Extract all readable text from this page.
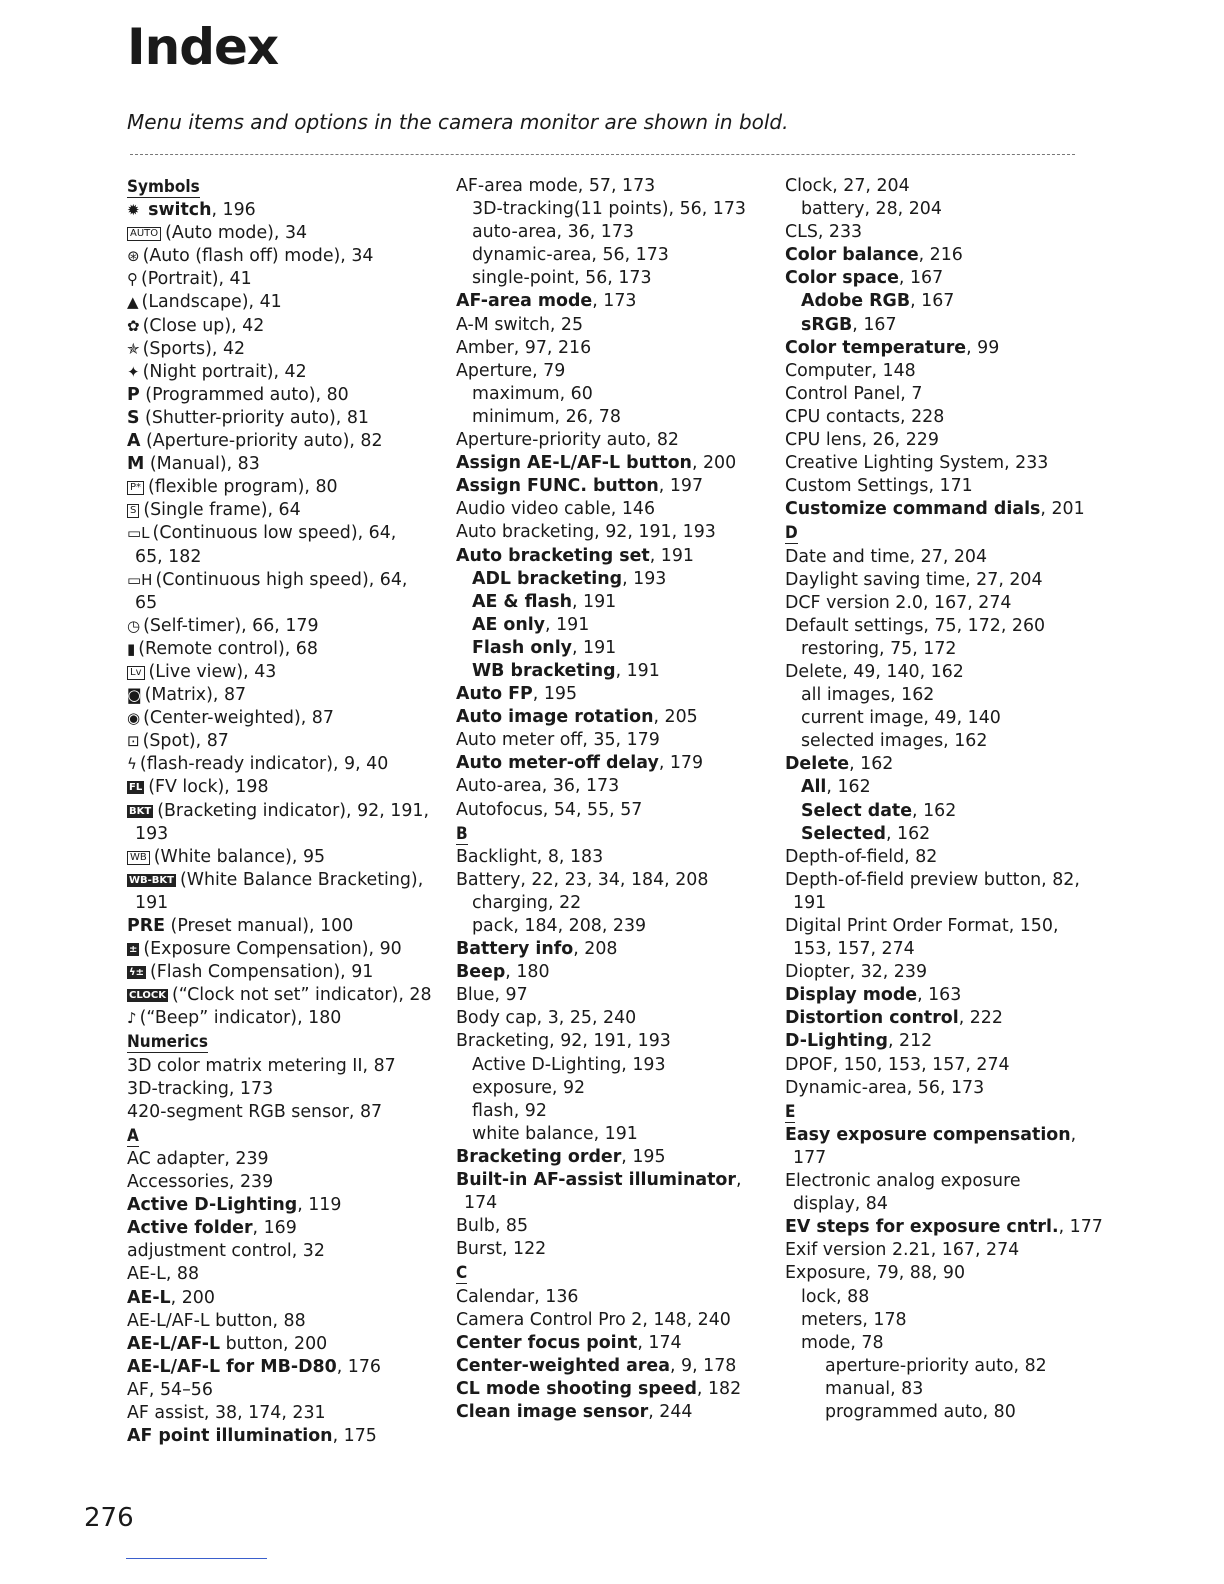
Index

Menu items and options in the camera monitor are shown in bold.

Symbols
✹ switch, 196
AUTO (Auto mode), 34
⊛ (Auto (flash off) mode), 34
⚲ (Portrait), 41
▲ (Landscape), 41
✿ (Close up), 42
✯ (Sports), 42
✦ (Night portrait), 42
P (Programmed auto), 80
S (Shutter-priority auto), 81
A (Aperture-priority auto), 82
M (Manual), 83
P* (flexible program), 80
S (Single frame), 64
▭L (Continuous low speed), 64,
65, 182
▭H (Continuous high speed), 64,
65
◷ (Self-timer), 66, 179
▮ (Remote control), 68
Lv (Live view), 43
◙ (Matrix), 87
◉ (Center-weighted), 87
⊡ (Spot), 87
ϟ (flash-ready indicator), 9, 40
FL (FV lock), 198
BKT (Bracketing indicator), 92, 191,
193
WB (White balance), 95
WB-BKT (White Balance Bracketing),
191
PRE (Preset manual), 100
± (Exposure Compensation), 90
ϟ± (Flash Compensation), 91
CLOCK (“Clock not set” indicator), 28
♪ (“Beep” indicator), 180
Numerics
3D color matrix metering II, 87
3D-tracking, 173
420-segment RGB sensor, 87
A
AC adapter, 239
Accessories, 239
Active D-Lighting, 119
Active folder, 169
adjustment control, 32
AE-L, 88
AE-L, 200
AE-L/AF-L button, 88
AE-L/AF-L button, 200
AE-L/AF-L for MB-D80, 176
AF, 54–56
AF assist, 38, 174, 231
AF point illumination, 175
AF-area mode, 57, 173
3D-tracking(11 points), 56, 173
auto-area, 36, 173
dynamic-area, 56, 173
single-point, 56, 173
AF-area mode, 173
A-M switch, 25
Amber, 97, 216
Aperture, 79
maximum, 60
minimum, 26, 78
Aperture-priority auto, 82
Assign AE-L/AF-L button, 200
Assign FUNC. button, 197
Audio video cable, 146
Auto bracketing, 92, 191, 193
Auto bracketing set, 191
ADL bracketing, 193
AE & flash, 191
AE only, 191
Flash only, 191
WB bracketing, 191
Auto FP, 195
Auto image rotation, 205
Auto meter off, 35, 179
Auto meter-off delay, 179
Auto-area, 36, 173
Autofocus, 54, 55, 57
B
Backlight, 8, 183
Battery, 22, 23, 34, 184, 208
charging, 22
pack, 184, 208, 239
Battery info, 208
Beep, 180
Blue, 97
Body cap, 3, 25, 240
Bracketing, 92, 191, 193
Active D-Lighting, 193
exposure, 92
flash, 92
white balance, 191
Bracketing order, 195
Built-in AF-assist illuminator,
174
Bulb, 85
Burst, 122
C
Calendar, 136
Camera Control Pro 2, 148, 240
Center focus point, 174
Center-weighted area, 9, 178
CL mode shooting speed, 182
Clean image sensor, 244
Clock, 27, 204
battery, 28, 204
CLS, 233
Color balance, 216
Color space, 167
Adobe RGB, 167
sRGB, 167
Color temperature, 99
Computer, 148
Control Panel, 7
CPU contacts, 228
CPU lens, 26, 229
Creative Lighting System, 233
Custom Settings, 171
Customize command dials, 201
D
Date and time, 27, 204
Daylight saving time, 27, 204
DCF version 2.0, 167, 274
Default settings, 75, 172, 260
restoring, 75, 172
Delete, 49, 140, 162
all images, 162
current image, 49, 140
selected images, 162
Delete, 162
All, 162
Select date, 162
Selected, 162
Depth-of-field, 82
Depth-of-field preview button, 82,
191
Digital Print Order Format, 150,
153, 157, 274
Diopter, 32, 239
Display mode, 163
Distortion control, 222
D-Lighting, 212
DPOF, 150, 153, 157, 274
Dynamic-area, 56, 173
E
Easy exposure compensation,
177
Electronic analog exposure
display, 84
EV steps for exposure cntrl., 177
Exif version 2.21, 167, 274
Exposure, 79, 88, 90
lock, 88
meters, 178
mode, 78
aperture-priority auto, 82
manual, 83
programmed auto, 80
276
